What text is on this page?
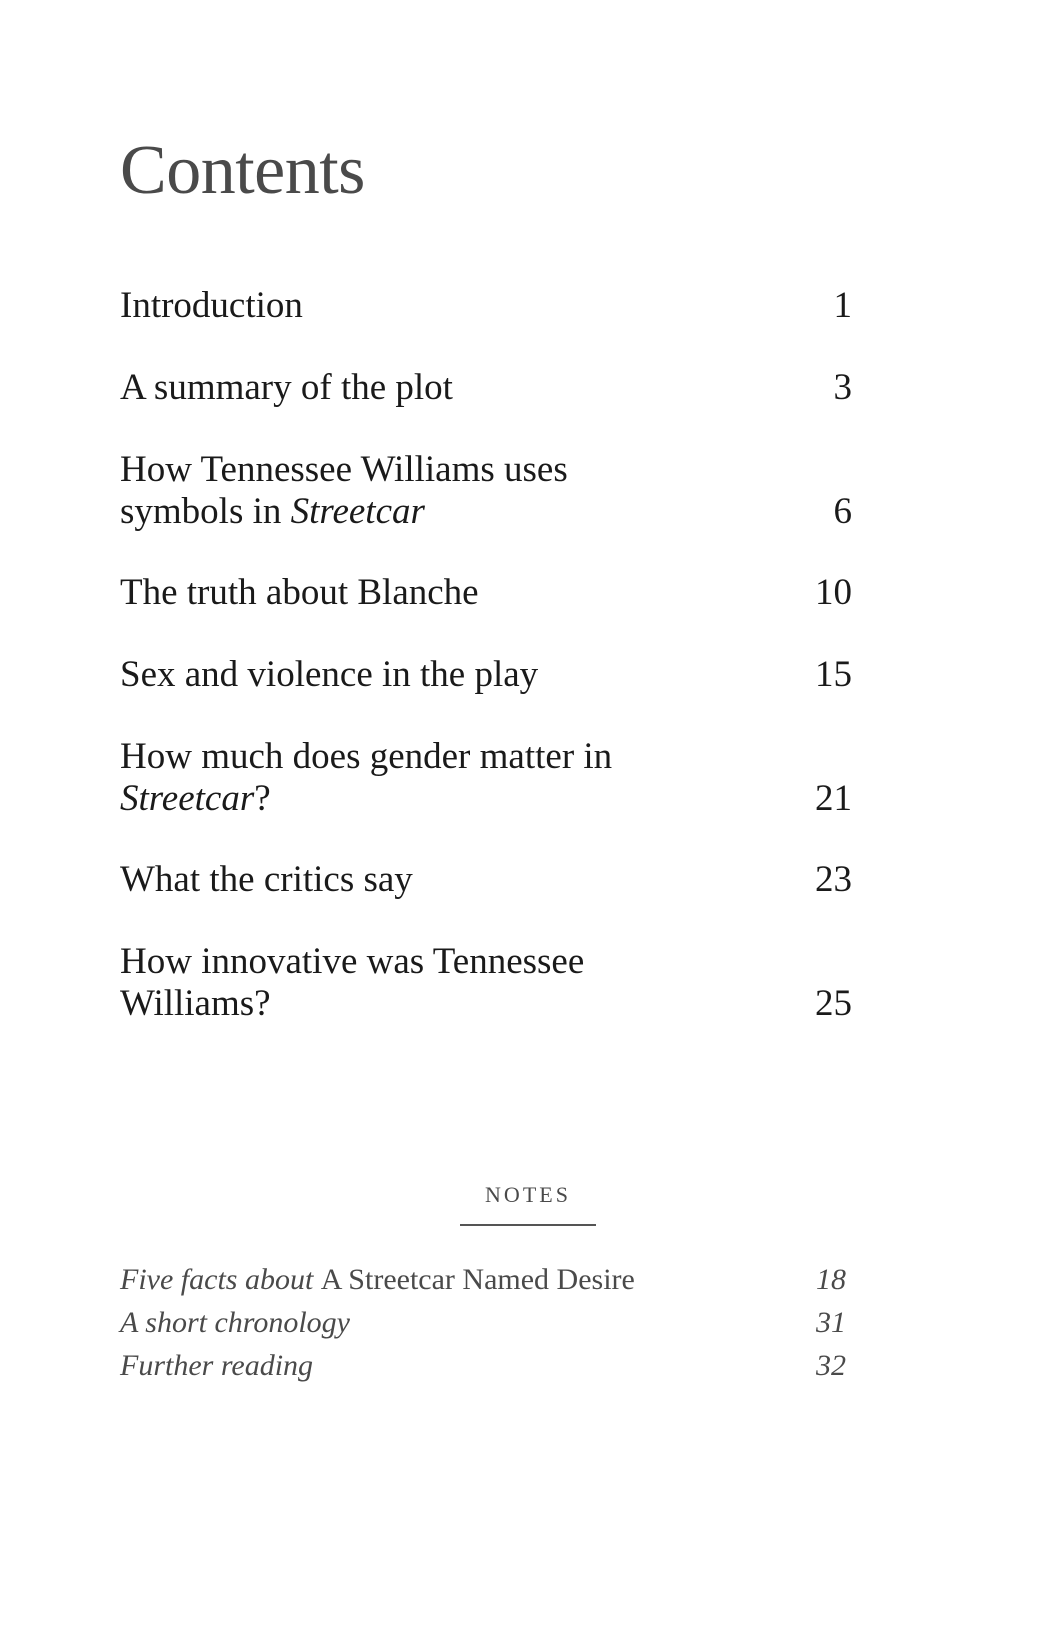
Contents
Introduction	1
A summary of the plot	3
How Tennessee Williams uses
symbols in Streetcar	6
The truth about Blanche	10
Sex and violence in the play	15
How much does gender matter in
Streetcar?	21
What the critics say	23
How innovative was Tennessee
Williams?	25
NOTES
Five facts about A Streetcar Named Desire	18
A short chronology	31
Further reading	32
